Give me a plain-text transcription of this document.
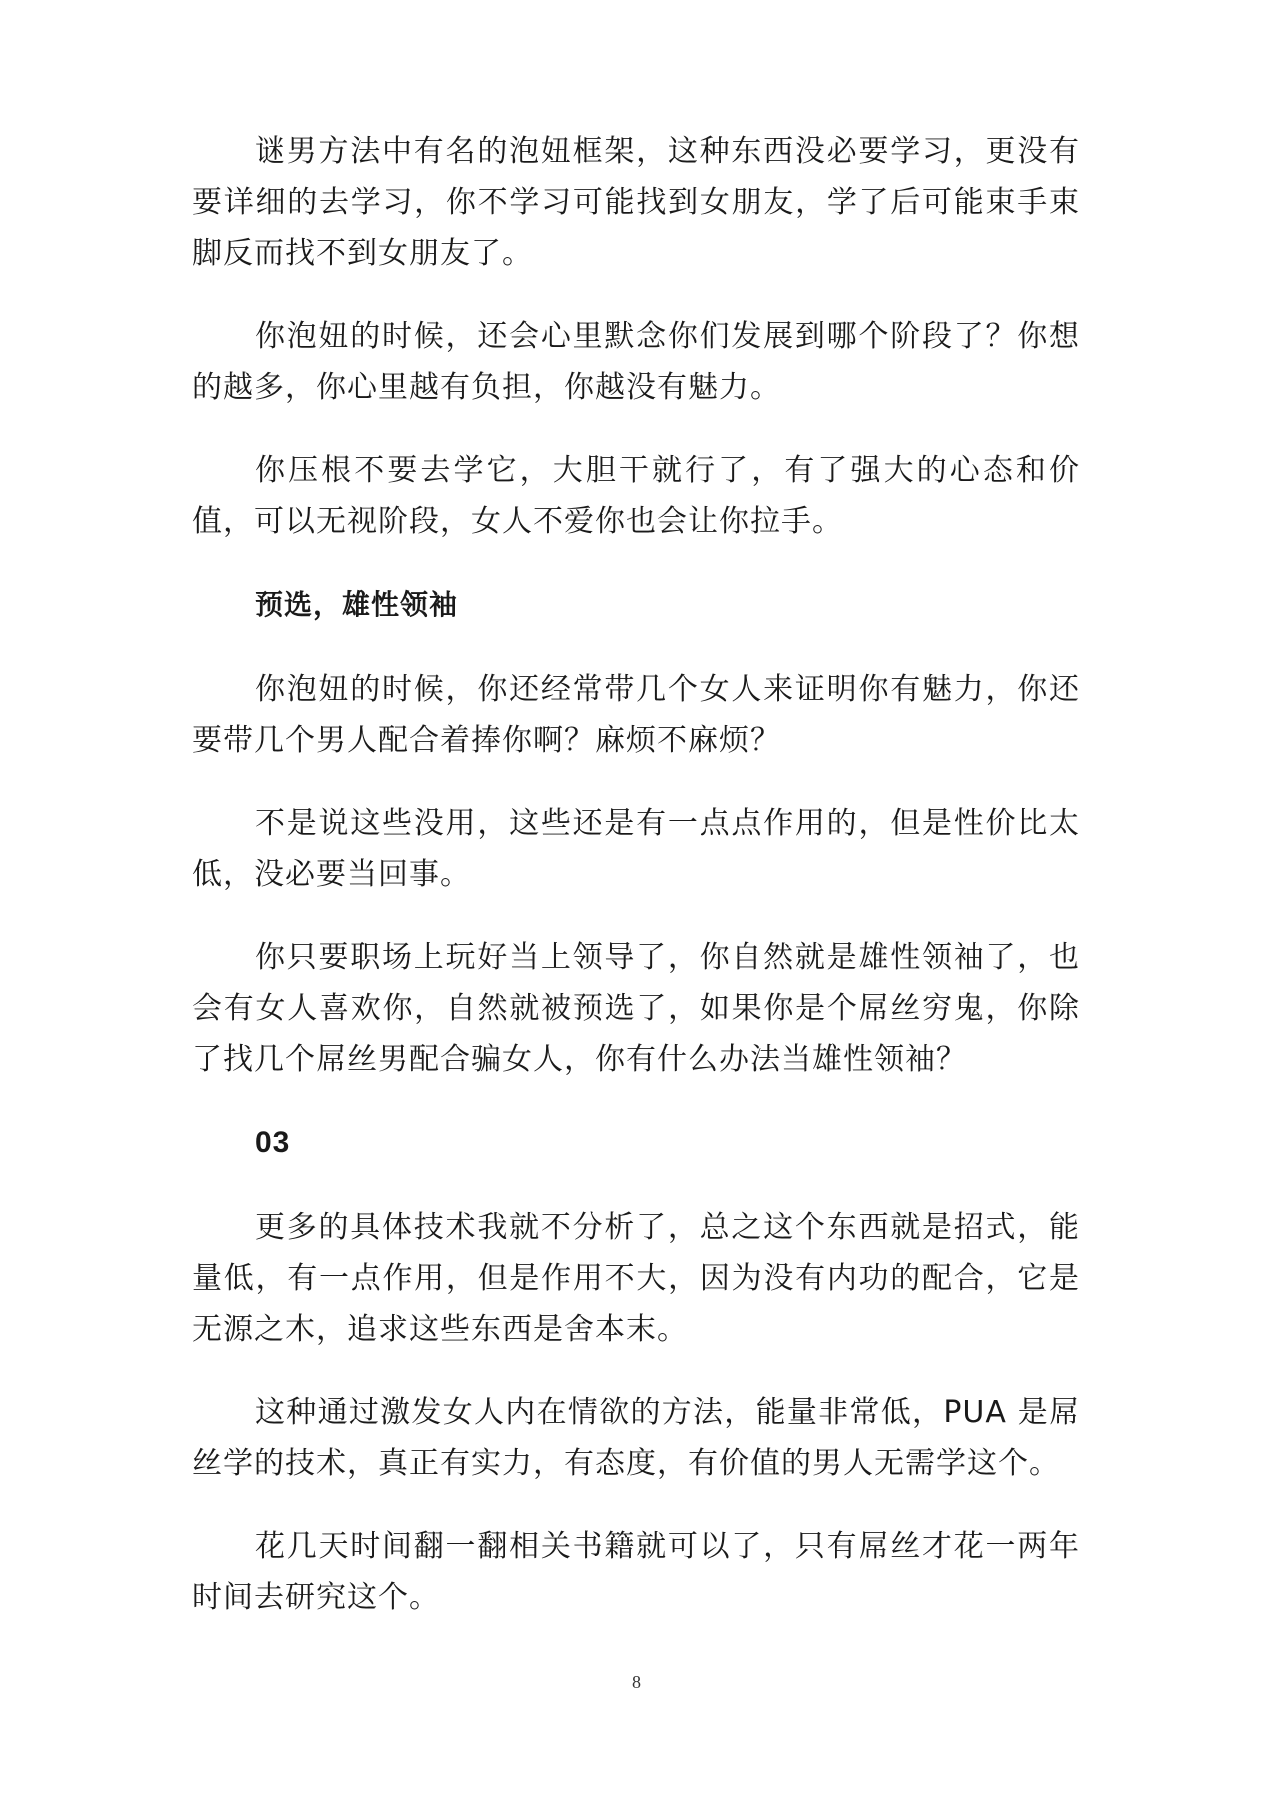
谜男方法中有名的泡妞框架，这种东西没必要学习，更没有要详细的去学习，你不学习可能找到女朋友，学了后可能束手束脚反而找不到女朋友了。

你泡妞的时候，还会心里默念你们发展到哪个阶段了？你想的越多，你心里越有负担，你越没有魅力。

你压根不要去学它，大胆干就行了，有了强大的心态和价值，可以无视阶段，女人不爱你也会让你拉手。

预选，雄性领袖

你泡妞的时候，你还经常带几个女人来证明你有魅力，你还要带几个男人配合着捧你啊？麻烦不麻烦？

不是说这些没用，这些还是有一点点作用的，但是性价比太低，没必要当回事。

你只要职场上玩好当上领导了，你自然就是雄性领袖了，也会有女人喜欢你，自然就被预选了，如果你是个屌丝穷鬼，你除了找几个屌丝男配合骗女人，你有什么办法当雄性领袖？

03

更多的具体技术我就不分析了，总之这个东西就是招式，能量低，有一点作用，但是作用不大，因为没有内功的配合，它是无源之木，追求这些东西是舍本末。

这种通过激发女人内在情欲的方法，能量非常低，PUA 是屌丝学的技术，真正有实力，有态度，有价值的男人无需学这个。

花几天时间翻一翻相关书籍就可以了，只有屌丝才花一两年时间去研究这个。

8
